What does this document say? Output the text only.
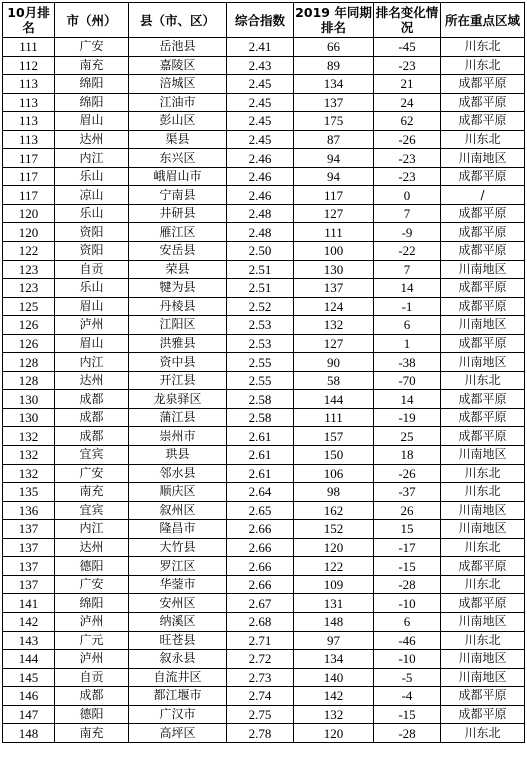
10月排名	市（州）	县（市、区）	综合指数	2019 年同期排名	排名变化情况	所在重点区域
111	广安	岳池县	2.41	66	-45	川东北
112	南充	嘉陵区	2.43	89	-23	川东北
113	绵阳	涪城区	2.45	134	21	成都平原
113	绵阳	江油市	2.45	137	24	成都平原
113	眉山	彭山区	2.45	175	62	成都平原
113	达州	渠县	2.45	87	-26	川东北
117	内江	东兴区	2.46	94	-23	川南地区
117	乐山	峨眉山市	2.46	94	-23	成都平原
117	凉山	宁南县	2.46	117	0	/
120	乐山	井研县	2.48	127	7	成都平原
120	资阳	雁江区	2.48	111	-9	成都平原
122	资阳	安岳县	2.50	100	-22	成都平原
123	自贡	荣县	2.51	130	7	川南地区
123	乐山	犍为县	2.51	137	14	成都平原
125	眉山	丹棱县	2.52	124	-1	成都平原
126	泸州	江阳区	2.53	132	6	川南地区
126	眉山	洪雅县	2.53	127	1	成都平原
128	内江	资中县	2.55	90	-38	川南地区
128	达州	开江县	2.55	58	-70	川东北
130	成都	龙泉驿区	2.58	144	14	成都平原
130	成都	蒲江县	2.58	111	-19	成都平原
132	成都	崇州市	2.61	157	25	成都平原
132	宜宾	珙县	2.61	150	18	川南地区
132	广安	邻水县	2.61	106	-26	川东北
135	南充	顺庆区	2.64	98	-37	川东北
136	宜宾	叙州区	2.65	162	26	川南地区
137	内江	隆昌市	2.66	152	15	川南地区
137	达州	大竹县	2.66	120	-17	川东北
137	德阳	罗江区	2.66	122	-15	成都平原
137	广安	华蓥市	2.66	109	-28	川东北
141	绵阳	安州区	2.67	131	-10	成都平原
142	泸州	纳溪区	2.68	148	6	川南地区
143	广元	旺苍县	2.71	97	-46	川东北
144	泸州	叙永县	2.72	134	-10	川南地区
145	自贡	自流井区	2.73	140	-5	川南地区
146	成都	都江堰市	2.74	142	-4	成都平原
147	德阳	广汉市	2.75	132	-15	成都平原
148	南充	高坪区	2.78	120	-28	川东北
